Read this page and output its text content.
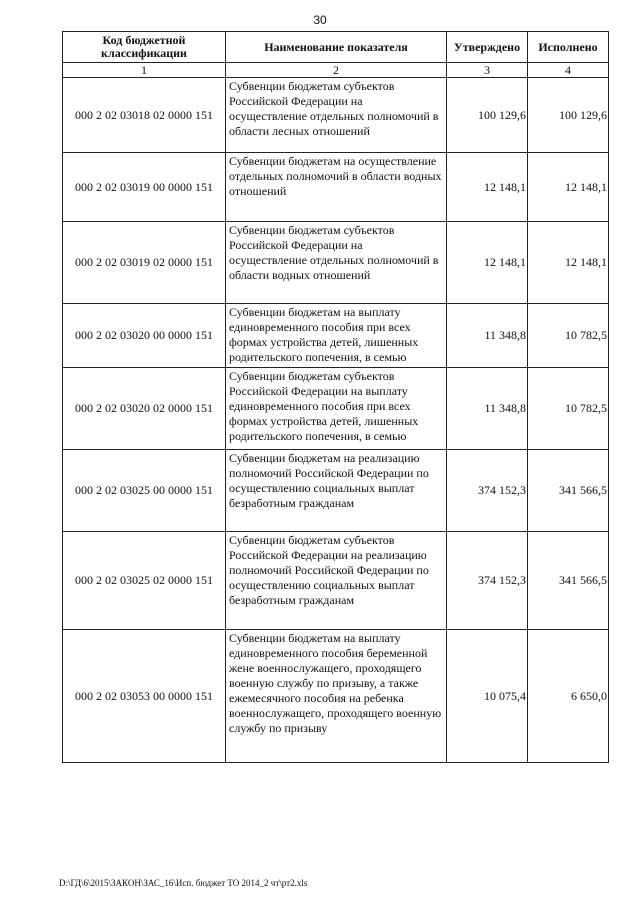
30
Код бюджетной классификации	Наименование показателя	Утверждено	Исполнено
1	2	3	4
000 2 02 03018 02 0000 151	Субвенции бюджетам субъектов Российской Федерации на осуществление отдельных полномочий в области лесных отношений	100 129,6	100 129,6
000 2 02 03019 00 0000 151	Субвенции бюджетам на осуществление отдельных полномочий в области водных отношений	12 148,1	12 148,1
000 2 02 03019 02 0000 151	Субвенции бюджетам субъектов Российской Федерации на осуществление отдельных полномочий в области водных отношений	12 148,1	12 148,1
000 2 02 03020 00 0000 151	Субвенции бюджетам на выплату единовременного пособия при всех формах устройства детей, лишенных родительского попечения, в семью	11 348,8	10 782,5
000 2 02 03020 02 0000 151	Субвенции бюджетам субъектов Российской Федерации на выплату единовременного пособия при всех формах устройства детей, лишенных родительского попечения, в семью	11 348,8	10 782,5
000 2 02 03025 00 0000 151	Субвенции бюджетам на реализацию полномочий Российской Федерации по осуществлению социальных выплат безработным гражданам	374 152,3	341 566,5
000 2 02 03025 02 0000 151	Субвенции бюджетам субъектов Российской Федерации на реализацию полномочий Российской Федерации по осуществлению социальных выплат безработным гражданам	374 152,3	341 566,5
000 2 02 03053 00 0000 151	Субвенции бюджетам на выплату единовременного пособия беременной жене военнослужащего, проходящего военную службу по призыву, а также ежемесячного пособия на ребенка военнослужащего, проходящего военную службу по призыву	10 075,4	6 650,0
D:\ГД\6\2015\ЗАКОН\ЗАС_16\Исп. бюджет ТО 2014_2 чт\рт2.xls
